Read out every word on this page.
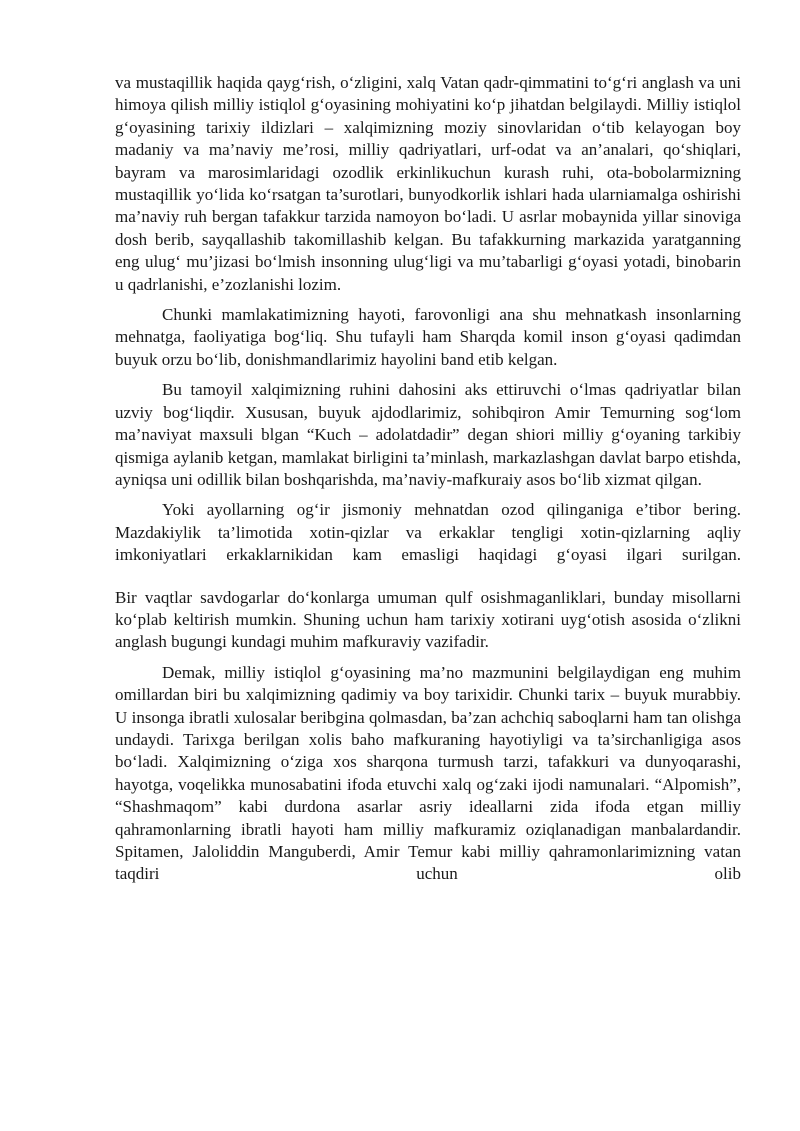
va mustaqillik haqida qayg‘rish, o‘zligini, xalq Vatan qadr-qimmatini to‘g‘ri anglash va uni himoya qilish milliy istiqlol g‘oyasining mohiyatini ko‘p jihatdan belgilaydi. Milliy istiqlol g‘oyasining tarixiy ildizlari – xalqimizning moziy sinovlaridan o‘tib kelayogan boy madaniy va ma’naviy me’rosi, milliy qadriyatlari, urf-odat va an’analari, qo‘shiqlari, bayram va marosimlaridagi ozodlik erkinlikuchun kurash ruhi, ota-bobolarmizning mustaqillik yo‘lida ko‘rsatgan ta’surotlari, bunyodkorlik ishlari hada ularniamalga oshirishi ma’naviy ruh bergan tafakkur tarzida namoyon bo‘ladi. U asrlar mobaynida yillar sinoviga dosh berib, sayqallashib takomillashib kelgan. Bu tafakkurning markazida yaratganning eng ulug‘ mu’jizasi bo‘lmish insonning ulug‘ligi va mu’tabarligi g‘oyasi yotadi, binobarin u qadrlanishi, e’zozlanishi lozim.

Chunki mamlakatimizning hayoti, farovonligi ana shu mehnatkash insonlarning mehnatga, faoliyatiga bog‘liq. Shu tufayli ham Sharqda komil inson g‘oyasi qadimdan buyuk orzu bo‘lib, donishmandlarimiz hayolini band etib kelgan.

Bu tamoyil xalqimizning ruhini dahosini aks ettiruvchi o‘lmas qadriyatlar bilan uzviy bog‘liqdir. Xususan, buyuk ajdodlarimiz, sohibqiron Amir Temurning sog‘lom ma’naviyat maxsuli blgan “Kuch – adolatdadir” degan shiori milliy g‘oyaning tarkibiy qismiga aylanib ketgan, mamlakat birligini ta’minlash, markazlashgan davlat barpo etishda, ayniqsa uni odillik bilan boshqarishda, ma’naviy-mafkuraiy asos bo‘lib xizmat qilgan.

Yoki ayollarning og‘ir jismoniy mehnatdan ozod qilinganiga e’tibor bering. Mazdakiylik ta’limotida xotin-qizlar va erkaklar tengligi xotin-qizlarning aqliy imkoniyatlari erkaklarnikidan kam emasligi haqidagi g‘oyasi ilgari surilgan.

Bir vaqtlar savdogarlar do‘konlarga umuman qulf osishmaganliklari, bunday misollarni ko‘plab keltirish mumkin. Shuning uchun ham tarixiy xotirani uyg‘otish asosida o‘zlikni anglash bugungi kundagi muhim mafkuraviy vazifadir.

Demak, milliy istiqlol g‘oyasining ma’no mazmunini belgilaydigan eng muhim omillardan biri bu xalqimizning qadimiy va boy tarixidir. Chunki tarix – buyuk murabbiy. U insonga ibratli xulosalar beribgina qolmasdan, ba’zan achchiq saboqlarni ham tan olishga undaydi. Tarixga berilgan xolis baho mafkuraning hayotiyligi va ta’sirchanligiga asos bo‘ladi. Xalqimizning o‘ziga xos sharqona turmush tarzi, tafakkuri va dunyoqarashi, hayotga, voqelikka munosabatini ifoda etuvchi xalq og‘zaki ijodi namunalari. “Alpomish”, “Shashmaqom” kabi durdona asarlar asriy ideallarni zida ifoda etgan milliy qahramonlarning ibratli hayoti ham milliy mafkuramiz oziqlanadigan manbalardandir. Spitamen, Jaloliddin Manguberdi, Amir Temur kabi milliy qahramonlarimizning vatan taqdiri uchun olib
